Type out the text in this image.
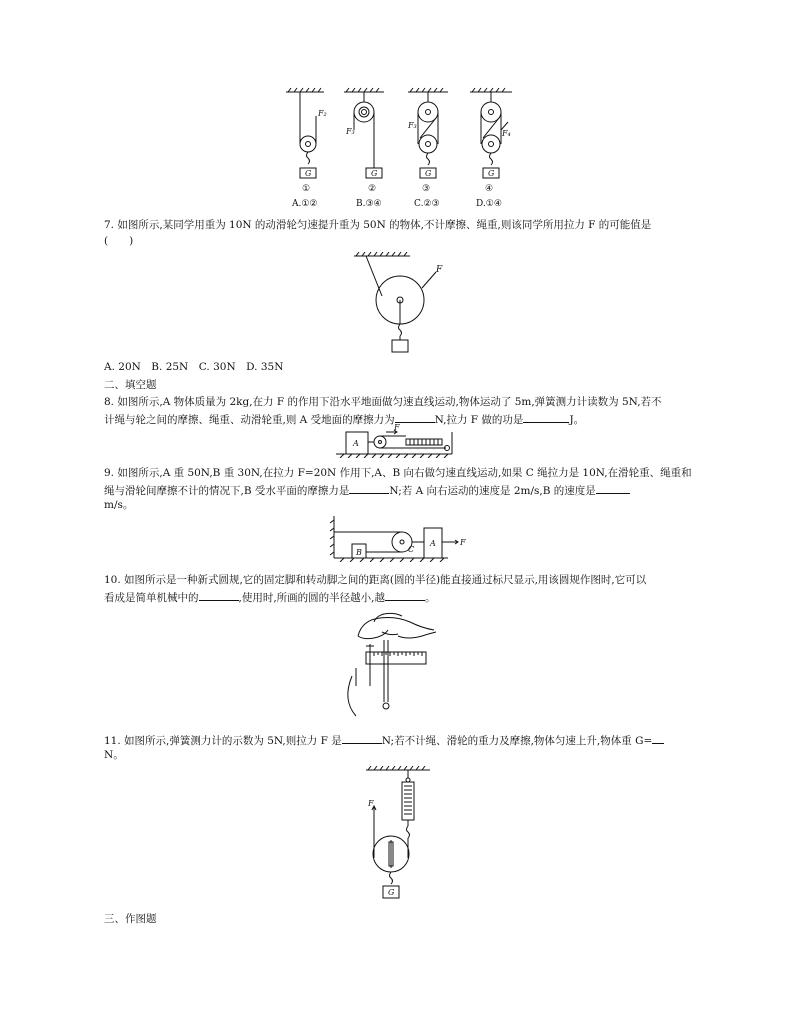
F₂
F₃
F₃
F₄
G	G	G	G
①	②	③	④
A.①②	B.③④	C.②③	D.①④
7. 如图所示,某同学用重为 10N 的动滑轮匀速提升重为 50N 的物体,不计摩擦、绳重,则该同学所用拉力 F 的可能值是
(　　)
F
A. 20N　B. 25N　C. 30N　D. 35N
二、填空题
8. 如图所示,A 物体质量为 2kg,在力 F 的作用下沿水平地面做匀速直线运动,物体运动了 5m,弹簧测力计读数为 5N,若不
计绳与轮之间的摩擦、绳重、动滑轮重,则 A 受地面的摩擦力为	N,拉力 F 做的功是	J。
A
F
9. 如图所示,A 重 50N,B 重 30N,在拉力 F=20N 作用下,A、B 向右做匀速直线运动,如果 C 绳拉力是 10N,在滑轮重、绳重和
绳与滑轮间摩擦不计的情况下,B 受水平面的摩擦力是	N;若 A 向右运动的速度是 2m/s,B 的速度是
m/s。
B	C
A	F
10. 如图所示是一种新式圆规,它的固定脚和转动脚之间的距离(圆的半径)能直接通过标尺显示,用该圆规作图时,它可以
看成是简单机械中的	,使用时,所画的圆的半径越小,越	。
11. 如图所示,弹簧测力计的示数为 5N,则拉力 F 是	N;若不计绳、滑轮的重力及摩擦,物体匀速上升,物体重 G=
N。
F
G
三、作图题
